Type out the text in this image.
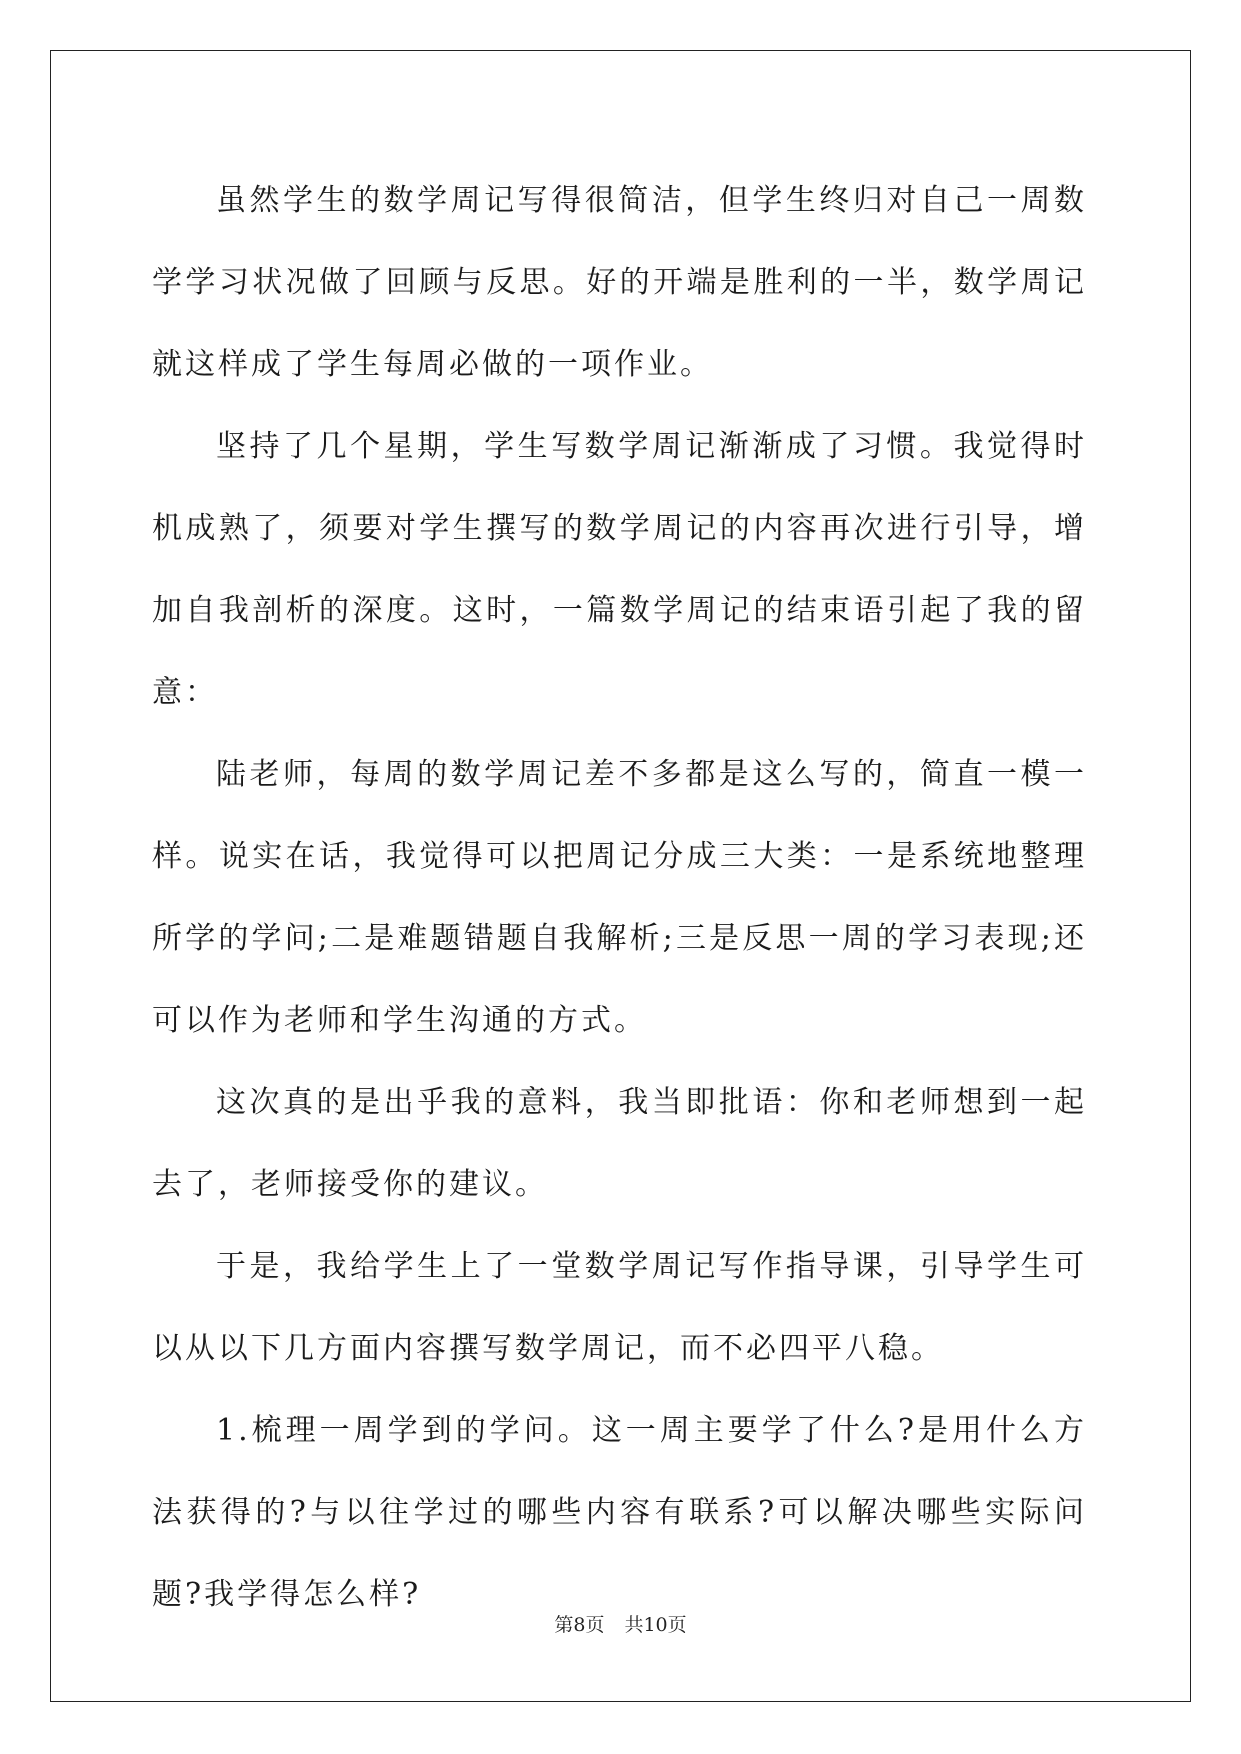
虽然学生的数学周记写得很简洁，但学生终归对自己一周数学学习状况做了回顾与反思。好的开端是胜利的一半，数学周记就这样成了学生每周必做的一项作业。

坚持了几个星期，学生写数学周记渐渐成了习惯。我觉得时机成熟了，须要对学生撰写的数学周记的内容再次进行引导，增加自我剖析的深度。这时，一篇数学周记的结束语引起了我的留意：

陆老师，每周的数学周记差不多都是这么写的，简直一模一样。说实在话，我觉得可以把周记分成三大类：一是系统地整理所学的学问;二是难题错题自我解析;三是反思一周的学习表现;还可以作为老师和学生沟通的方式。

这次真的是出乎我的意料，我当即批语：你和老师想到一起去了，老师接受你的建议。

于是，我给学生上了一堂数学周记写作指导课，引导学生可以从以下几方面内容撰写数学周记，而不必四平八稳。

1.梳理一周学到的学问。这一周主要学了什么?是用什么方法获得的?与以往学过的哪些内容有联系?可以解决哪些实际问题?我学得怎么样?

第8页 共10页
